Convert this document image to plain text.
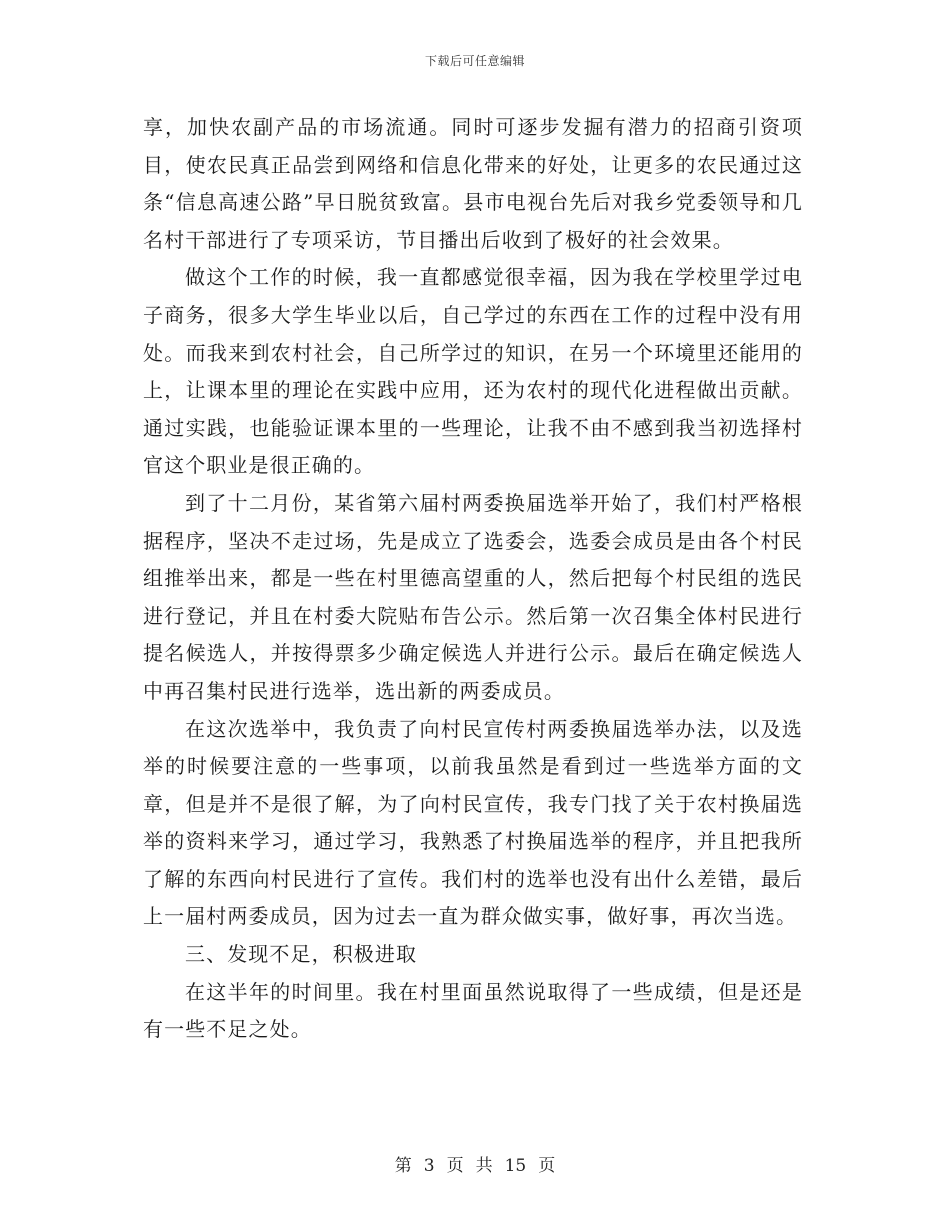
下载后可任意编辑

享，加快农副产品的市场流通。同时可逐步发掘有潜力的招商引资项目，使农民真正品尝到网络和信息化带来的好处，让更多的农民通过这条“信息高速公路”早日脱贫致富。县市电视台先后对我乡党委领导和几名村干部进行了专项采访，节目播出后收到了极好的社会效果。

做这个工作的时候，我一直都感觉很幸福，因为我在学校里学过电子商务，很多大学生毕业以后，自己学过的东西在工作的过程中没有用处。而我来到农村社会，自己所学过的知识，在另一个环境里还能用的上，让课本里的理论在实践中应用，还为农村的现代化进程做出贡献。通过实践，也能验证课本里的一些理论，让我不由不感到我当初选择村官这个职业是很正确的。

到了十二月份，某省第六届村两委换届选举开始了，我们村严格根据程序，坚决不走过场，先是成立了选委会，选委会成员是由各个村民组推举出来，都是一些在村里德高望重的人，然后把每个村民组的选民进行登记，并且在村委大院贴布告公示。然后第一次召集全体村民进行提名候选人，并按得票多少确定候选人并进行公示。最后在确定候选人中再召集村民进行选举，选出新的两委成员。

在这次选举中，我负责了向村民宣传村两委换届选举办法，以及选举的时候要注意的一些事项，以前我虽然是看到过一些选举方面的文章，但是并不是很了解，为了向村民宣传，我专门找了关于农村换届选举的资料来学习，通过学习，我熟悉了村换届选举的程序，并且把我所了解的东西向村民进行了宣传。我们村的选举也没有出什么差错，最后上一届村两委成员，因为过去一直为群众做实事，做好事，再次当选。

三、发现不足，积极进取

在这半年的时间里。我在村里面虽然说取得了一些成绩，但是还是有一些不足之处。

第 3 页 共 15 页
